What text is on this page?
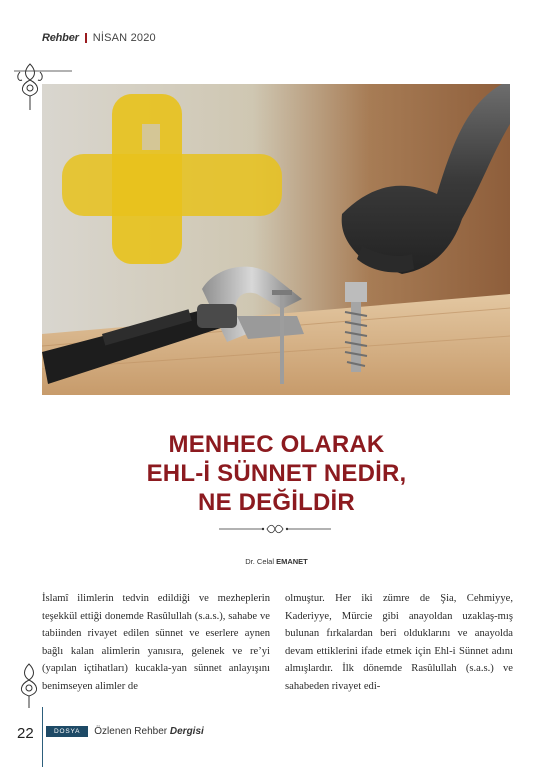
Rehber NİSAN 2020
MENHEC OLARAK
EHL-İ SÜNNET NEDİR,
NE DEĞİLDİR
Dr. Celal EMANET

İslamî ilimlerin tedvin edildiği ve mezheplerin teşekkül ettiği donemde Rasûlullah (s.a.s.), sahabe ve tabiinden rivayet edilen sünnet ve eserlere aynen bağlı kalan alimlerin yanısıra, gelenek ve re’yi (yapılan içtihatları) kucakla-yan sünnet anlayışını benimseyen alimler de

olmuştur. Her iki zümre de Şia, Cehmiyye, Kaderiyye, Mürcie gibi anayoldan uzaklaş-mış bulunan fırkalardan beri olduklarını ve anayolda devam ettiklerini ifade etmek için Ehl-i Sünnet adını almışlardır. İlk dönemde Rasûlullah (s.a.s.) ve sahabeden rivayet edi-

22	DOSYA	Özlenen Rehber Dergisi
